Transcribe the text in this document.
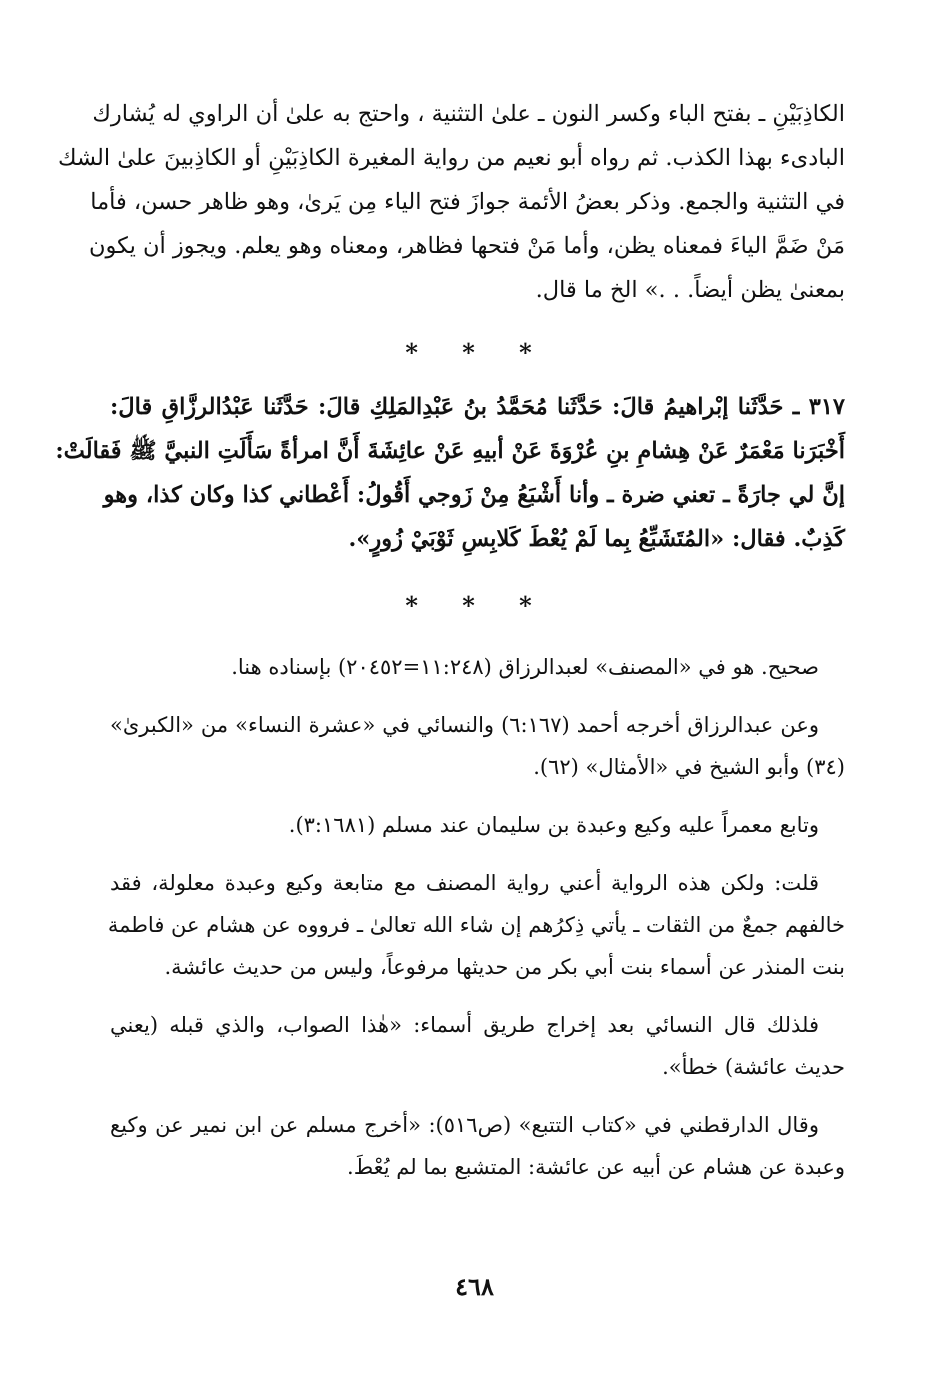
الكاذِبَيْنِ ـ بفتح الباء وكسر النون ـ علىٰ التثنية ، واحتج به علىٰ أن الراوي له يُشارك
البادىء بهذا الكذب. ثم رواه أبو نعيم من رواية المغيرة الكاذِبَيْنِ أو الكاذِبينَ علىٰ الشك
في التثنية والجمع. وذكر بعضُ الأئمة جوازَ فتح الياء مِن يَرىٰ، وهو ظاهر حسن، فأما
مَنْ ضَمَّ الياءَ فمعناه يظن، وأما مَنْ فتحها فظاهر، ومعناه وهو يعلم. ويجوز أن يكون
بمعنىٰ يظن أيضاً. . .» الخ ما قال.

* * *

٣١٧ ـ حَدَّثَنا إبْراهيمُ قالَ: حَدَّثَنا مُحَمَّدُ بنُ عَبْدِالمَلِكِ قالَ: حَدَّثَنا عَبْدُالرزَّاقِ قالَ:
أَخْبَرَنا مَعْمَرٌ عَنْ هِشامِ بنِ عُرْوَةَ عَنْ أبيهِ عَنْ عائِشَةَ أَنَّ امرأةً سَأَلَتِ النبيَّ ﷺ فَقالَتْ:
إنَّ لي جارَةً ـ تعني ضرة ـ وأنا أَشْبَعُ مِنْ زَوجي أَقُولُ: أَعْطاني كذا وكان كذا، وهو
كَذِبٌ. فقال: «المُتَشَبِّعُ بِما لَمْ يُعْطَ كَلابِسِ ثَوْبَيْ زُورٍ».

* * *

صحيح. هو في «المصنف» لعبدالرزاق (١١:٢٤٨=٢٠٤٥٢) بإسناده هنا.

وعن عبدالرزاق أخرجه أحمد (٦:١٦٧) والنسائي في «عشرة النساء» من «الكبرىٰ»
(٣٤) وأبو الشيخ في «الأمثال» (٦٢).

وتابع معمراً عليه وكيع وعبدة بن سليمان عند مسلم (٣:١٦٨١).

قلت: ولكن هذه الرواية أعني رواية المصنف مع متابعة وكيع وعبدة معلولة، فقد
خالفهم جمعٌ من الثقات ـ يأتي ذِكرُهم إن شاء الله تعالىٰ ـ فرووه عن هشام عن فاطمة
بنت المنذر عن أسماء بنت أبي بكر من حديثها مرفوعاً، وليس من حديث عائشة.

فلذلك قال النسائي بعد إخراج طريق أسماء: «هٰذا الصواب، والذي قبله (يعني
حديث عائشة) خطأ».

وقال الدارقطني في «كتاب التتبع» (ص٥١٦): «أخرج مسلم عن ابن نمير عن وكيع
وعبدة عن هشام عن أبيه عن عائشة: المتشبع بما لم يُعْطَ.

٤٦٨
